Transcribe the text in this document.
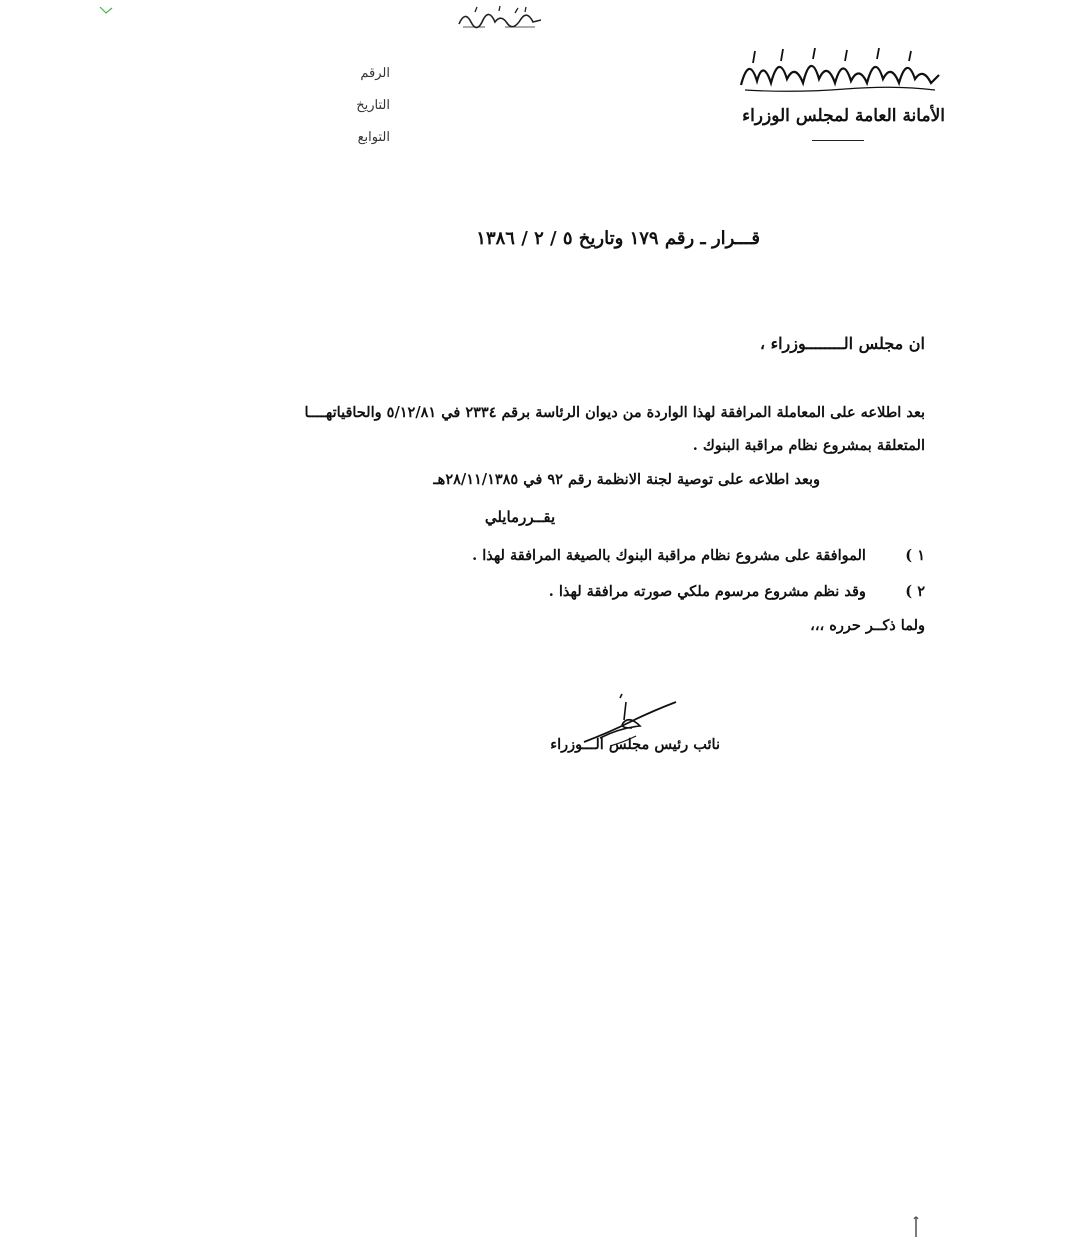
الأمانة العامة لمجلس الوزراء
الرقم
التاريخ
التوابع
قـــرار ـ رقم ١٧٩ وتاريخ ٥ / ٢ / ١٣٨٦
ان مجلس الــــــــوزراء ،
بعد اطلاعه على المعاملة المرافقة لهذا الواردة من ديوان الرئاسة برقم ٢٣٣٤ في ٥/١٢/٨١ والحاقياتهــــا
المتعلقة بمشروع نظام مراقبة البنوك .
وبعد اطلاعه على توصية لجنة الانظمة رقم ٩٢ في ٢٨/١١/١٣٨٥هـ
يقــررمايلي
١ ) الموافقة على مشروع نظام مراقبة البنوك بالصيغة المرافقة لهذا .
٢ ) وقد نظم مشروع مرسوم ملكي صورته مرافقة لهذا .
ولما ذكــر حرره ،،،
نائب رئيس مجلس الـــوزراء
